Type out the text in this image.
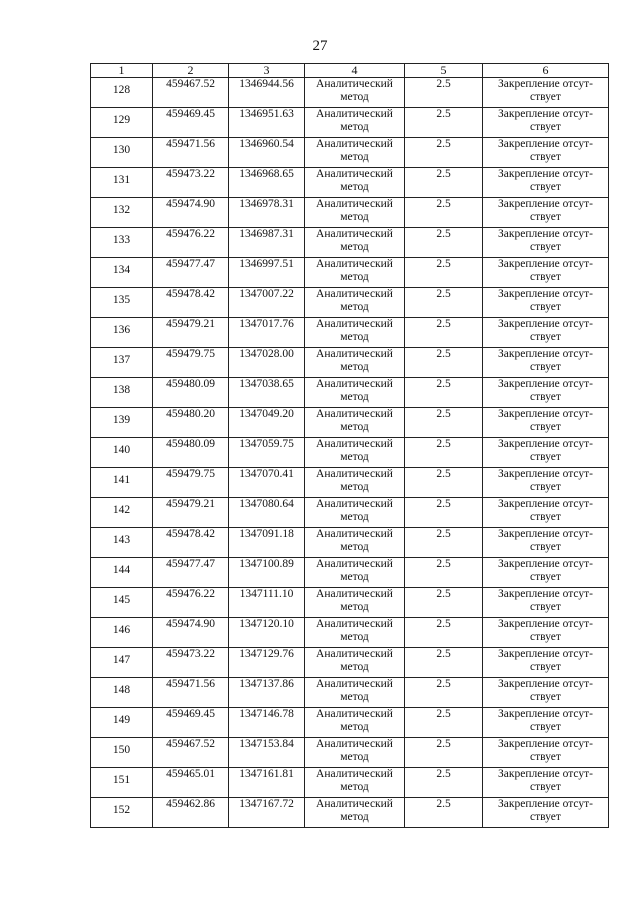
27
1	2	3	4	5	6
128	459467.52	1346944.56	Аналитический метод	2.5	Закрепление отсут-ствует
129	459469.45	1346951.63	Аналитический метод	2.5	Закрепление отсут-ствует
130	459471.56	1346960.54	Аналитический метод	2.5	Закрепление отсут-ствует
131	459473.22	1346968.65	Аналитический метод	2.5	Закрепление отсут-ствует
132	459474.90	1346978.31	Аналитический метод	2.5	Закрепление отсут-ствует
133	459476.22	1346987.31	Аналитический метод	2.5	Закрепление отсут-ствует
134	459477.47	1346997.51	Аналитический метод	2.5	Закрепление отсут-ствует
135	459478.42	1347007.22	Аналитический метод	2.5	Закрепление отсут-ствует
136	459479.21	1347017.76	Аналитический метод	2.5	Закрепление отсут-ствует
137	459479.75	1347028.00	Аналитический метод	2.5	Закрепление отсут-ствует
138	459480.09	1347038.65	Аналитический метод	2.5	Закрепление отсут-ствует
139	459480.20	1347049.20	Аналитический метод	2.5	Закрепление отсут-ствует
140	459480.09	1347059.75	Аналитический метод	2.5	Закрепление отсут-ствует
141	459479.75	1347070.41	Аналитический метод	2.5	Закрепление отсут-ствует
142	459479.21	1347080.64	Аналитический метод	2.5	Закрепление отсут-ствует
143	459478.42	1347091.18	Аналитический метод	2.5	Закрепление отсут-ствует
144	459477.47	1347100.89	Аналитический метод	2.5	Закрепление отсут-ствует
145	459476.22	1347111.10	Аналитический метод	2.5	Закрепление отсут-ствует
146	459474.90	1347120.10	Аналитический метод	2.5	Закрепление отсут-ствует
147	459473.22	1347129.76	Аналитический метод	2.5	Закрепление отсут-ствует
148	459471.56	1347137.86	Аналитический метод	2.5	Закрепление отсут-ствует
149	459469.45	1347146.78	Аналитический метод	2.5	Закрепление отсут-ствует
150	459467.52	1347153.84	Аналитический метод	2.5	Закрепление отсут-ствует
151	459465.01	1347161.81	Аналитический метод	2.5	Закрепление отсут-ствует
152	459462.86	1347167.72	Аналитический метод	2.5	Закрепление отсут-ствует
